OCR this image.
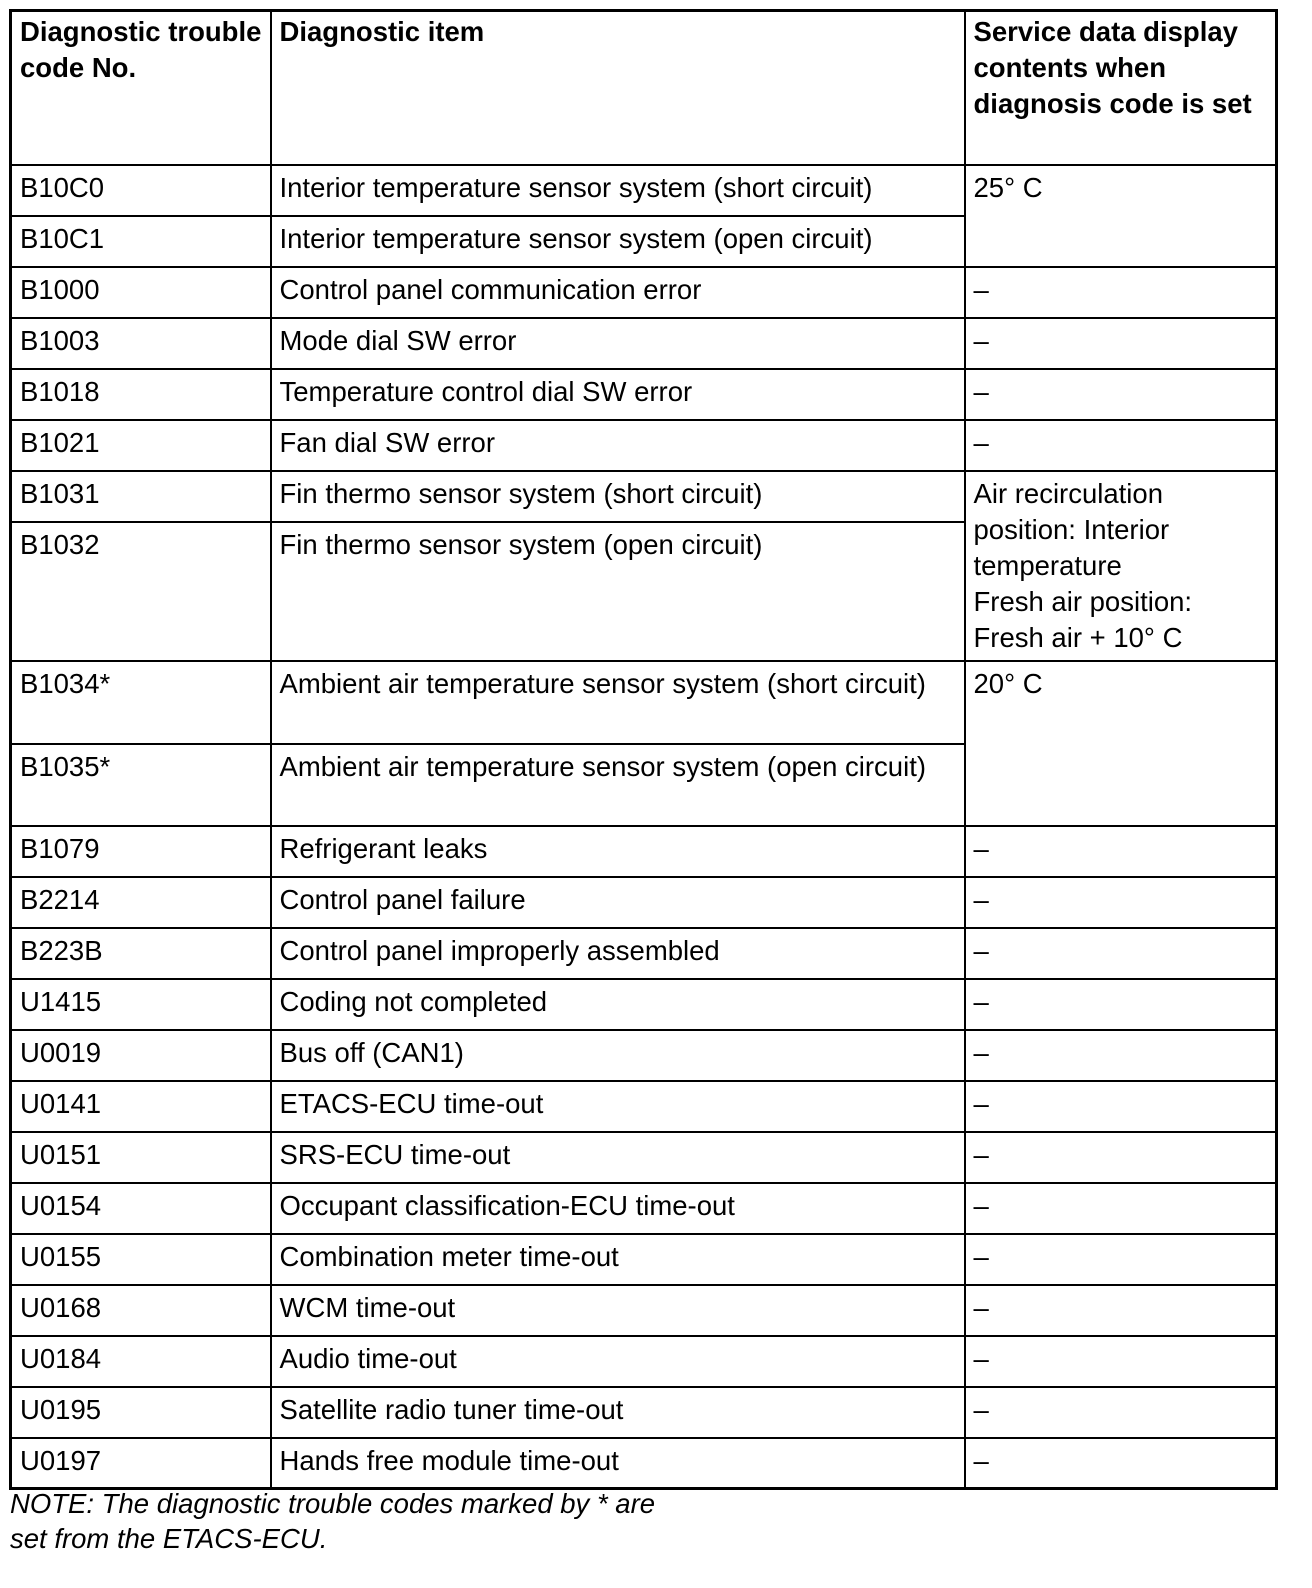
Diagnostic trouble code No.	Diagnostic item	Service data display contents when diagnosis code is set
B10C0	Interior temperature sensor system (short circuit)	25° C
B10C1	Interior temperature sensor system (open circuit)	
B1000	Control panel communication error	–
B1003	Mode dial SW error	–
B1018	Temperature control dial SW error	–
B1021	Fan dial SW error	–
B1031	Fin thermo sensor system (short circuit)	Air recirculation position: Interior temperature
Fresh air position: Fresh air + 10° C
B1032	Fin thermo sensor system (open circuit)	
B1034*	Ambient air temperature sensor system (short circuit)	20° C
B1035*	Ambient air temperature sensor system (open circuit)	
B1079	Refrigerant leaks	–
B2214	Control panel failure	–
B223B	Control panel improperly assembled	–
U1415	Coding not completed	–
U0019	Bus off (CAN1)	–
U0141	ETACS-ECU time-out	–
U0151	SRS-ECU time-out	–
U0154	Occupant classification-ECU time-out	–
U0155	Combination meter time-out	–
U0168	WCM time-out	–
U0184	Audio time-out	–
U0195	Satellite radio tuner time-out	–
U0197	Hands free module time-out	–
NOTE: The diagnostic trouble codes marked by * are
set from the ETACS-ECU.
